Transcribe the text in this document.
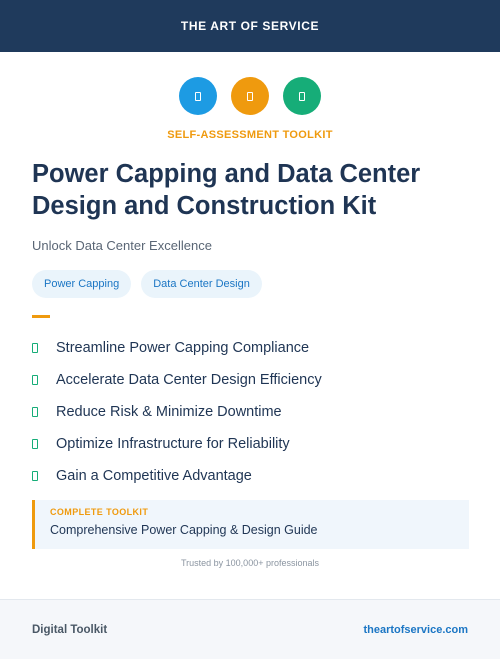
THE ART OF SERVICE
SELF-ASSESSMENT TOOLKIT
Power Capping and Data Center Design and Construction Kit
Unlock Data Center Excellence
Power Capping	Data Center Design
Streamline Power Capping Compliance
Accelerate Data Center Design Efficiency
Reduce Risk & Minimize Downtime
Optimize Infrastructure for Reliability
Gain a Competitive Advantage
COMPLETE TOOLKIT
Comprehensive Power Capping & Design Guide
Trusted by 100,000+ professionals
Digital Toolkit	theartofservice.com
